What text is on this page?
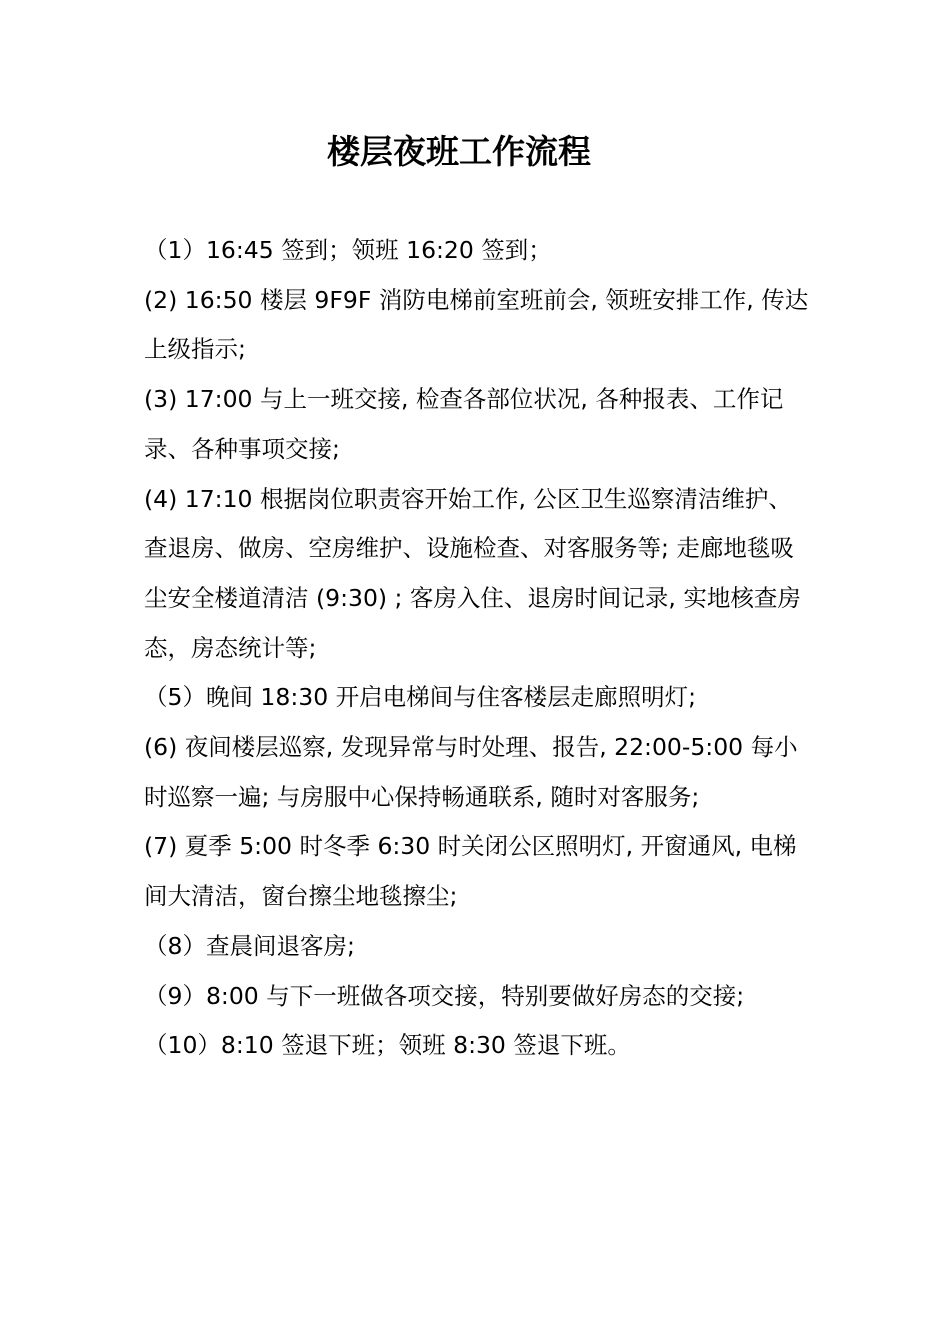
楼层夜班工作流程

（1）16:45 签到；领班 16:20 签到；

(2) 16:50 楼层 9F9F 消防电梯前室班前会, 领班安排工作, 传达上级指示;

(3) 17:00 与上一班交接, 检查各部位状况, 各种报表、工作记录、各种事项交接;

(4) 17:10 根据岗位职责容开始工作, 公区卫生巡察清洁维护、查退房、做房、空房维护、设施检查、对客服务等; 走廊地毯吸尘安全楼道清洁 (9:30) ; 客房入住、退房时间记录, 实地核查房态，房态统计等;

（5）晚间 18:30 开启电梯间与住客楼层走廊照明灯;

(6) 夜间楼层巡察, 发现异常与时处理、报告, 22:00-5:00 每小时巡察一遍; 与房服中心保持畅通联系, 随时对客服务;

(7) 夏季 5:00 时冬季 6:30 时关闭公区照明灯, 开窗通风, 电梯间大清洁，窗台擦尘地毯擦尘;

（8）查晨间退客房;

（9）8:00 与下一班做各项交接，特别要做好房态的交接;

（10）8:10 签退下班；领班 8:30 签退下班。
